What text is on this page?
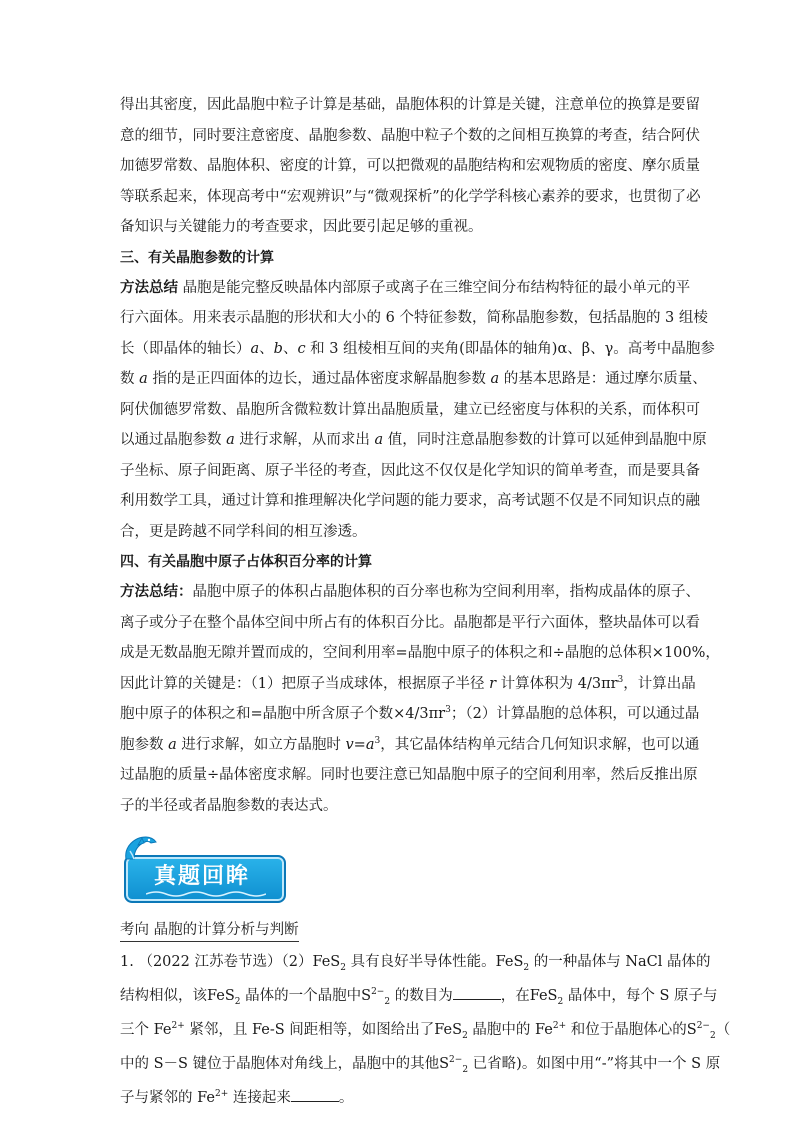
得出其密度，因此晶胞中粒子计算是基础，晶胞体积的计算是关键，注意单位的换算是要留
意的细节，同时要注意密度、晶胞参数、晶胞中粒子个数的之间相互换算的考查，结合阿伏
加德罗常数、晶胞体积、密度的计算，可以把微观的晶胞结构和宏观物质的密度、摩尔质量
等联系起来，体现高考中“宏观辨识”与“微观探析”的化学学科核心素养的要求，也贯彻了必
备知识与关键能力的考查要求，因此要引起足够的重视。

三、有关晶胞参数的计算

方法总结 晶胞是能完整反映晶体内部原子或离子在三维空间分布结构特征的最小单元的平
行六面体。用来表示晶胞的形状和大小的 6 个特征参数，简称晶胞参数，包括晶胞的 3 组棱
长（即晶体的轴长）a、b、c 和 3 组棱相互间的夹角(即晶体的轴角)α、β、γ。高考中晶胞参
数 a 指的是正四面体的边长，通过晶体密度求解晶胞参数 a 的基本思路是：通过摩尔质量、
阿伏伽德罗常数、晶胞所含微粒数计算出晶胞质量，建立已经密度与体积的关系，而体积可
以通过晶胞参数 a 进行求解，从而求出 a 值，同时注意晶胞参数的计算可以延伸到晶胞中原
子坐标、原子间距离、原子半径的考查，因此这不仅仅是化学知识的简单考查，而是要具备
利用数学工具，通过计算和推理解决化学问题的能力要求，高考试题不仅是不同知识点的融
合，更是跨越不同学科间的相互渗透。

四、有关晶胞中原子占体积百分率的计算

方法总结：晶胞中原子的体积占晶胞体积的百分率也称为空间利用率，指构成晶体的原子、
离子或分子在整个晶体空间中所占有的体积百分比。晶胞都是平行六面体，整块晶体可以看
成是无数晶胞无隙并置而成的，空间利用率=晶胞中原子的体积之和÷晶胞的总体积×100%，
因此计算的关键是：（1）把原子当成球体，根据原子半径 r 计算体积为 $4/3\pi r^3$，计算出晶
胞中原子的体积之和=晶胞中所含原子个数$\times 4/3\pi r^3$；（2）计算晶胞的总体积，可以通过晶
胞参数 a 进行求解，如立方晶胞时 $v=a^3$，其它晶体结构单元结合几何知识求解，也可以通
过晶胞的质量÷晶体密度求解。同时也要注意已知晶胞中原子的空间利用率，然后反推出原
子的半径或者晶胞参数的表达式。

真题回眸

考向 晶胞的计算分析与判断

1. （2022 江苏卷节选）（2）FeS$_2$ 具有良好半导体性能。FeS$_2$ 的一种晶体与 NaCl 晶体的
结构相似，该FeS$_2$ 晶体的一个晶胞中$S^{2-}_2$ 的数目为	，在FeS$_2$ 晶体中，每个 S 原子与
三个 $Fe^{2+}$ 紧邻，且 Fe-S 间距相等，如图给出了FeS$_2$ 晶胞中的 $Fe^{2+}$ 和位于晶胞体心的$S^{2-}_2$（
中的 S－S 键位于晶胞体对角线上，晶胞中的其他$S^{2-}_2$ 已省略)。如图中用“-”将其中一个 S 原
子与紧邻的 $Fe^{2+}$ 连接起来	。
